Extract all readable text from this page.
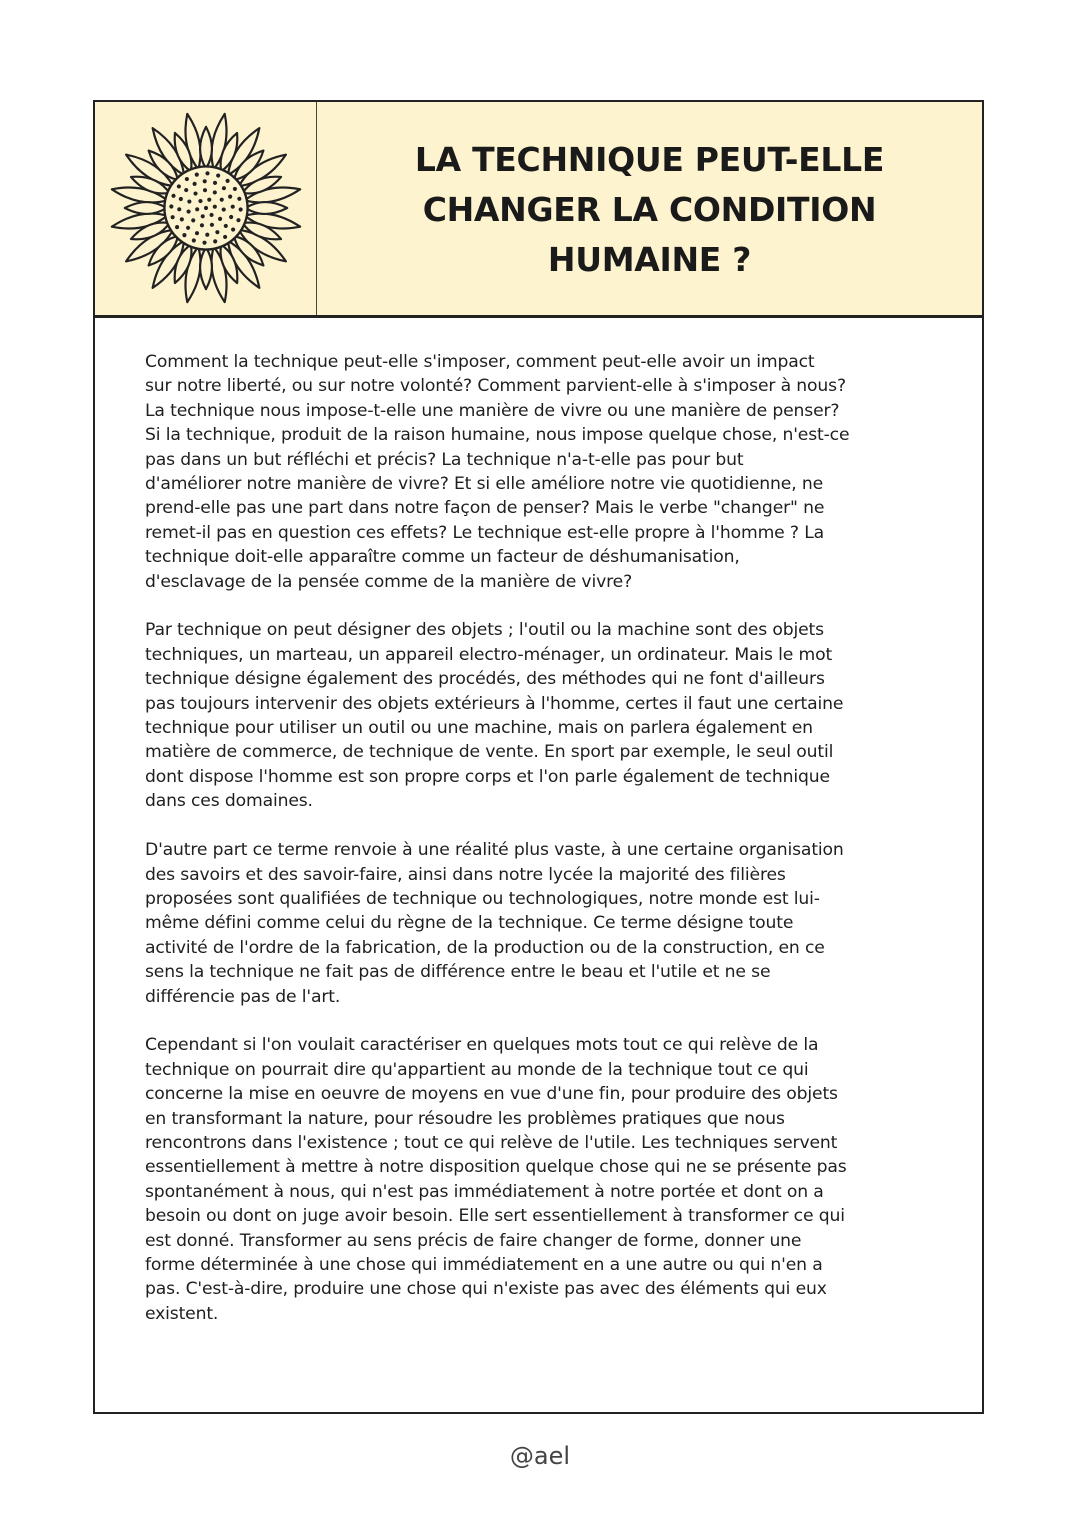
LA TECHNIQUE PEUT-ELLE
CHANGER LA CONDITION
HUMAINE ?

Comment la technique peut-elle s'imposer, comment peut-elle avoir un impact
sur notre liberté, ou sur notre volonté? Comment parvient-elle à s'imposer à nous?
La technique nous impose-t-elle une manière de vivre ou une manière de penser?
Si la technique, produit de la raison humaine, nous impose quelque chose, n'est-ce
pas dans un but réfléchi et précis? La technique n'a-t-elle pas pour but
d'améliorer notre manière de vivre? Et si elle améliore notre vie quotidienne, ne
prend-elle pas une part dans notre façon de penser? Mais le verbe "changer" ne
remet-il pas en question ces effets? Le technique est-elle propre à l'homme ? La
technique doit-elle apparaître comme un facteur de déshumanisation,
d'esclavage de la pensée comme de la manière de vivre?

Par technique on peut désigner des objets ; l'outil ou la machine sont des objets
techniques, un marteau, un appareil electro-ménager, un ordinateur. Mais le mot
technique désigne également des procédés, des méthodes qui ne font d'ailleurs
pas toujours intervenir des objets extérieurs à l'homme, certes il faut une certaine
technique pour utiliser un outil ou une machine, mais on parlera également en
matière de commerce, de technique de vente. En sport par exemple, le seul outil
dont dispose l'homme est son propre corps et l'on parle également de technique
dans ces domaines.

D'autre part ce terme renvoie à une réalité plus vaste, à une certaine organisation
des savoirs et des savoir-faire, ainsi dans notre lycée la majorité des filières
proposées sont qualifiées de technique ou technologiques, notre monde est lui-
même défini comme celui du règne de la technique. Ce terme désigne toute
activité de l'ordre de la fabrication, de la production ou de la construction, en ce
sens la technique ne fait pas de différence entre le beau et l'utile et ne se
différencie pas de l'art.

Cependant si l'on voulait caractériser en quelques mots tout ce qui relève de la
technique on pourrait dire qu'appartient au monde de la technique tout ce qui
concerne la mise en oeuvre de moyens en vue d'une fin, pour produire des objets
en transformant la nature, pour résoudre les problèmes pratiques que nous
rencontrons dans l'existence ; tout ce qui relève de l'utile. Les techniques servent
essentiellement à mettre à notre disposition quelque chose qui ne se présente pas
spontanément à nous, qui n'est pas immédiatement à notre portée et dont on a
besoin ou dont on juge avoir besoin. Elle sert essentiellement à transformer ce qui
est donné. Transformer au sens précis de faire changer de forme, donner une
forme déterminée à une chose qui immédiatement en a une autre ou qui n'en a
pas. C'est-à-dire, produire une chose qui n'existe pas avec des éléments qui eux
existent.

@ael
